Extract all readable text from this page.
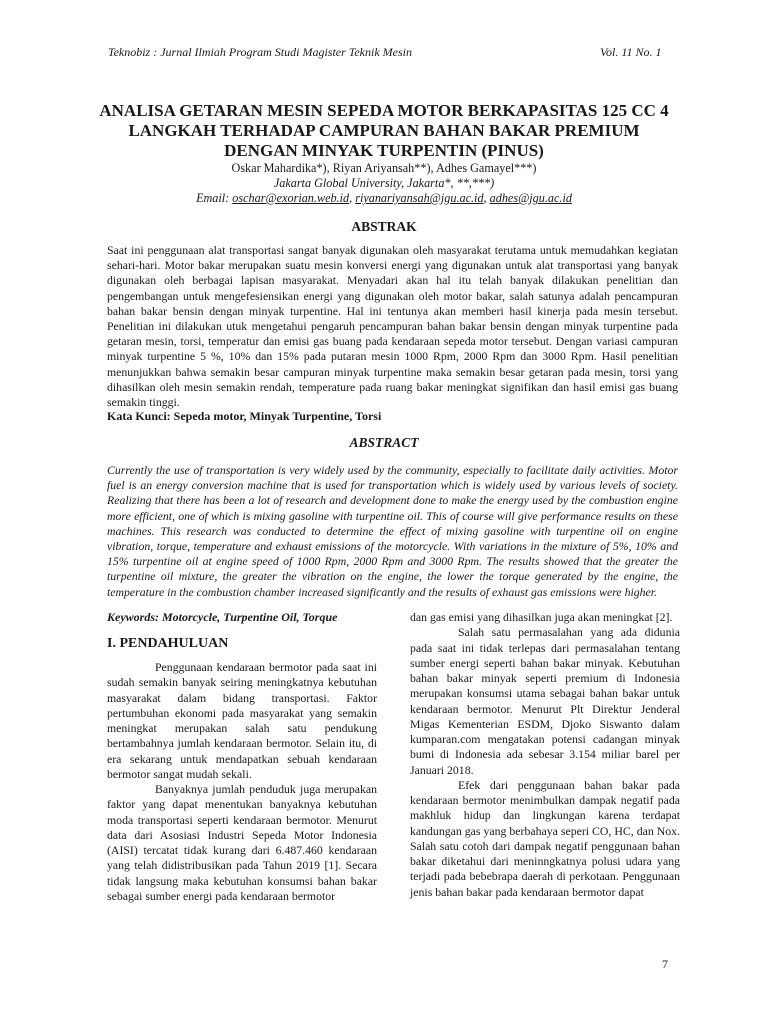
Teknobiz : Jurnal Ilmiah Program Studi Magister Teknik Mesin	Vol. 11 No. 1
ANALISA GETARAN MESIN SEPEDA MOTOR BERKAPASITAS 125 CC 4 LANGKAH TERHADAP CAMPURAN BAHAN BAKAR PREMIUM DENGAN MINYAK TURPENTIN (PINUS)
Oskar Mahardika*), Riyan Ariyansah**), Adhes Gamayel***)
Jakarta Global University, Jakarta*, **,***)
Email: oschar@exorian.web.id, riyanariyansah@jgu.ac.id, adhes@jgu.ac.id
ABSTRAK
Saat ini penggunaan alat transportasi sangat banyak digunakan oleh masyarakat terutama untuk memudahkan kegiatan sehari-hari. Motor bakar merupakan suatu mesin konversi energi yang digunakan untuk alat transportasi yang banyak digunakan oleh berbagai lapisan masyarakat. Menyadari akan hal itu telah banyak dilakukan penelitian dan pengembangan untuk mengefesiensikan energi yang digunakan oleh motor bakar, salah satunya adalah pencampuran bahan bakar bensin dengan minyak turpentine. Hal ini tentunya akan memberi hasil kinerja pada mesin tersebut. Penelitian ini dilakukan utuk mengetahui pengaruh pencampuran bahan bakar bensin dengan minyak turpentine pada getaran mesin, torsi, temperatur dan emisi gas buang pada kendaraan sepeda motor tersebut. Dengan variasi campuran minyak turpentine 5 %, 10% dan 15% pada putaran mesin 1000 Rpm, 2000 Rpm dan 3000 Rpm. Hasil penelitian menunjukkan bahwa semakin besar campuran minyak turpentine maka semakin besar getaran pada mesin, torsi yang dihasilkan oleh mesin semakin rendah, temperature pada ruang bakar meningkat signifikan dan hasil emisi gas buang semakin tinggi.
Kata Kunci: Sepeda motor, Minyak Turpentine, Torsi
ABSTRACT
Currently the use of transportation is very widely used by the community, especially to facilitate daily activities. Motor fuel is an energy conversion machine that is used for transportation which is widely used by various levels of society. Realizing that there has been a lot of research and development done to make the energy used by the combustion engine more efficient, one of which is mixing gasoline with turpentine oil. This of course will give performance results on these machines. This research was conducted to determine the effect of mixing gasoline with turpentine oil on engine vibration, torque, temperature and exhaust emissions of the motorcycle. With variations in the mixture of 5%, 10% and 15% turpentine oil at engine speed of 1000 Rpm, 2000 Rpm and 3000 Rpm. The results showed that the greater the turpentine oil mixture, the greater the vibration on the engine, the lower the torque generated by the engine, the temperature in the combustion chamber increased significantly and the results of exhaust gas emissions were higher.
Keywords: Motorcycle, Turpentine Oil, Torque
I. PENDAHULUAN

Penggunaan kendaraan bermotor pada saat ini sudah semakin banyak seiring meningkatnya kebutuhan masyarakat dalam bidang transportasi. Faktor pertumbuhan ekonomi pada masyarakat yang semakin meningkat merupakan salah satu pendukung bertambahnya jumlah kendaraan bermotor. Selain itu, di era sekarang untuk mendapatkan sebuah kendaraan bermotor sangat mudah sekali.

Banyaknya jumlah penduduk juga merupakan faktor yang dapat menentukan banyaknya kebutuhan moda transportasi seperti kendaraan bermotor. Menurut data dari Asosiasi Industri Sepeda Motor Indonesia (AISI) tercatat tidak kurang dari 6.487.460 kendaraan yang telah didistribusikan pada Tahun 2019 [1]. Secara tidak langsung maka kebutuhan konsumsi bahan bakar sebagai sumber energi pada kendaraan bermotor

dan gas emisi yang dihasilkan juga akan meningkat [2].

Salah satu permasalahan yang ada didunia pada saat ini tidak terlepas dari permasalahan tentang sumber energi seperti bahan bakar minyak. Kebutuhan bahan bakar minyak seperti premium di Indonesia merupakan konsumsi utama sebagai bahan bakar untuk kendaraan bermotor. Menurut Plt Direktur Jenderal Migas Kementerian ESDM, Djoko Siswanto dalam kumparan.com mengatakan potensi cadangan minyak bumi di Indonesia ada sebesar 3.154 miliar barel per Januari 2018.

Efek dari penggunaan bahan bakar pada kendaraan bermotor menimbulkan dampak negatif pada makhluk hidup dan lingkungan karena terdapat kandungan gas yang berbahaya seperi CO, HC, dan Nox. Salah satu cotoh dari dampak negatif penggunaan bahan bakar diketahui dari meninngkatnya polusi udara yang terjadi pada bebebrapa daerah di perkotaan. Penggunaan jenis bahan bakar pada kendaraan bermotor dapat

7
